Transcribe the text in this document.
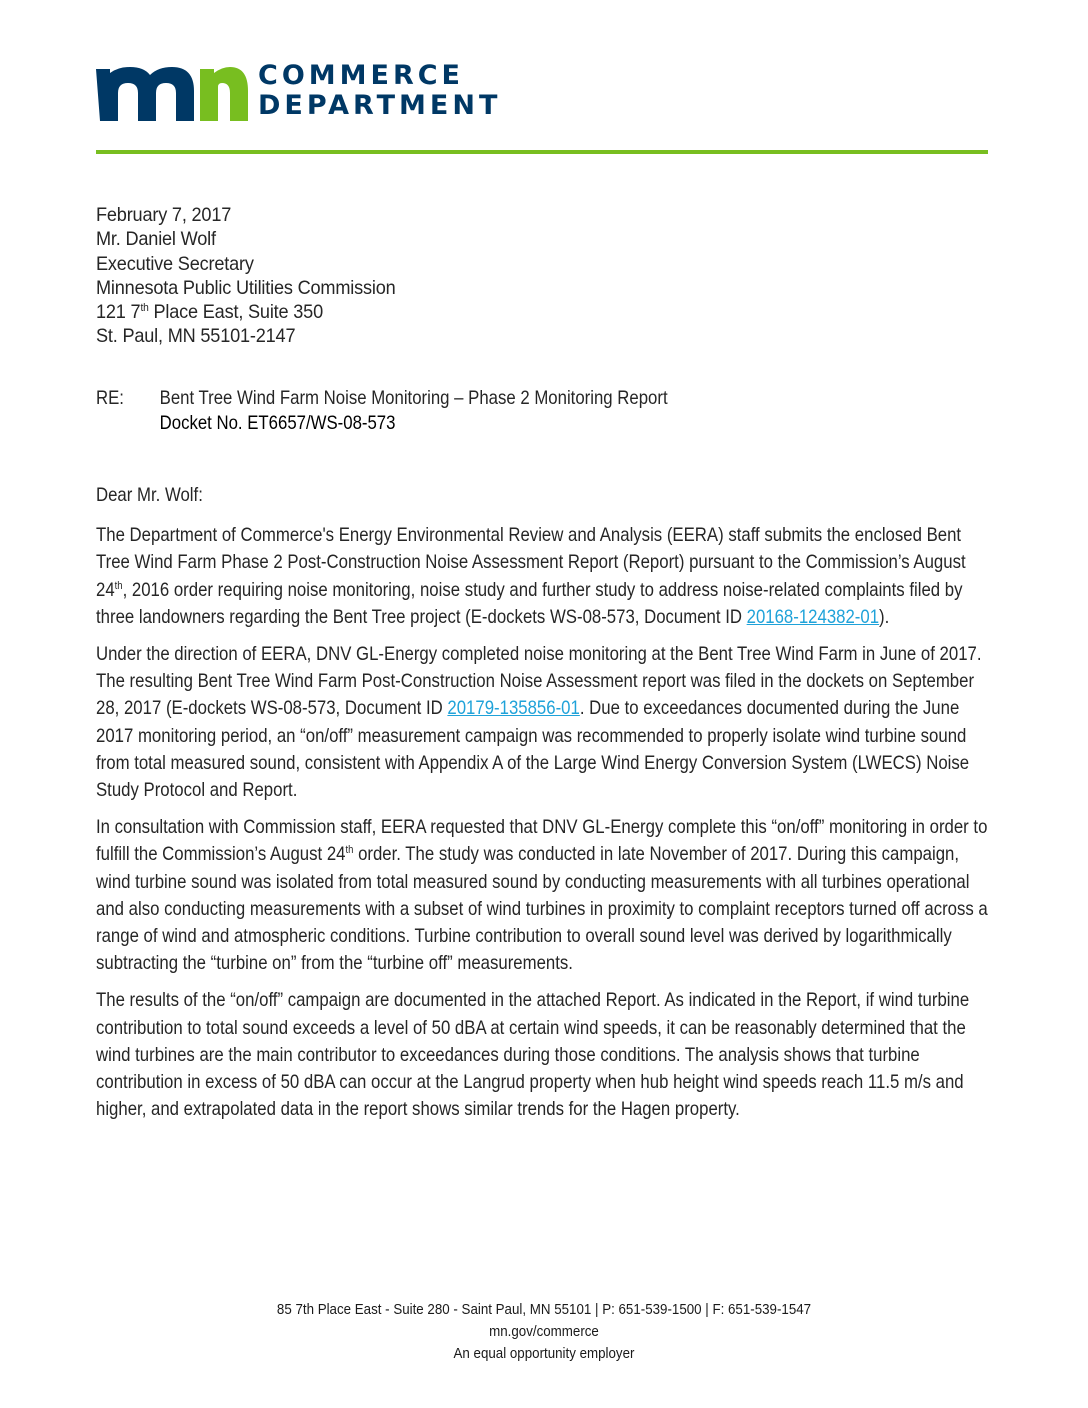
COMMERCE
DEPARTMENT
February 7, 2017
Mr. Daniel Wolf
Executive Secretary
Minnesota Public Utilities Commission
121 7th Place East, Suite 350
St. Paul, MN 55101-2147
RE: Bent Tree Wind Farm Noise Monitoring – Phase 2 Monitoring Report
Docket No. ET6657/WS-08-573

Dear Mr. Wolf:

The Department of Commerce's Energy Environmental Review and Analysis (EERA) staff submits the enclosed Bent Tree Wind Farm Phase 2 Post-Construction Noise Assessment Report (Report) pursuant to the Commission’s August 24th, 2016 order requiring noise monitoring, noise study and further study to address noise-related complaints filed by three landowners regarding the Bent Tree project (E-dockets WS-08-573, Document ID 20168-124382-01).

Under the direction of EERA, DNV GL-Energy completed noise monitoring at the Bent Tree Wind Farm in June of 2017. The resulting Bent Tree Wind Farm Post-Construction Noise Assessment report was filed in the dockets on September 28, 2017 (E-dockets WS-08-573, Document ID 20179-135856-01. Due to exceedances documented during the June 2017 monitoring period, an “on/off” measurement campaign was recommended to properly isolate wind turbine sound from total measured sound, consistent with Appendix A of the Large Wind Energy Conversion System (LWECS) Noise Study Protocol and Report.

In consultation with Commission staff, EERA requested that DNV GL-Energy complete this “on/off” monitoring in order to fulfill the Commission’s August 24th order. The study was conducted in late November of 2017. During this campaign, wind turbine sound was isolated from total measured sound by conducting measurements with all turbines operational and also conducting measurements with a subset of wind turbines in proximity to complaint receptors turned off across a range of wind and atmospheric conditions. Turbine contribution to overall sound level was derived by logarithmically subtracting the “turbine on” from the “turbine off” measurements.

The results of the “on/off” campaign are documented in the attached Report. As indicated in the Report, if wind turbine contribution to total sound exceeds a level of 50 dBA at certain wind speeds, it can be reasonably determined that the wind turbines are the main contributor to exceedances during those conditions. The analysis shows that turbine contribution in excess of 50 dBA can occur at the Langrud property when hub height wind speeds reach 11.5 m/s and higher, and extrapolated data in the report shows similar trends for the Hagen property.

85 7th Place East - Suite 280 - Saint Paul, MN 55101 | P: 651-539-1500 | F: 651-539-1547
mn.gov/commerce
An equal opportunity employer
